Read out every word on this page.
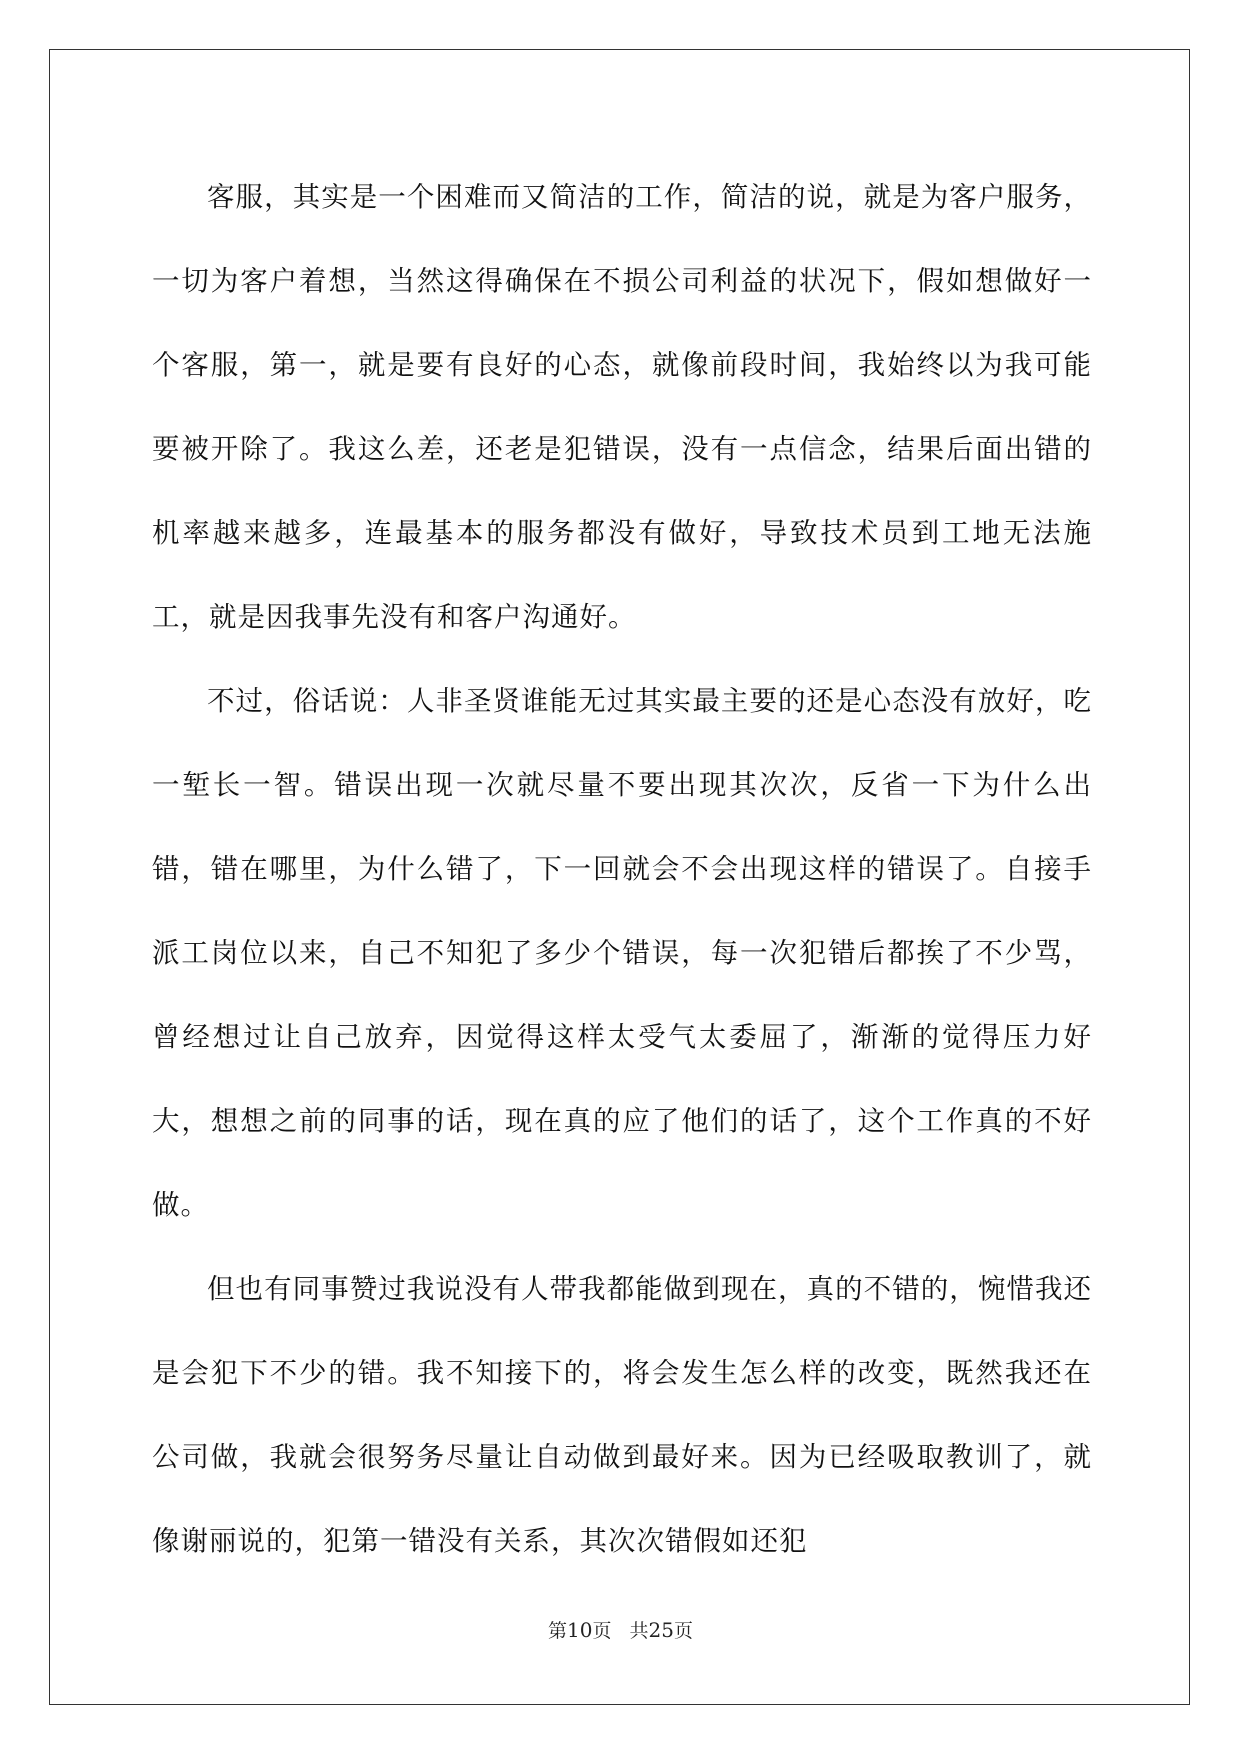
客服，其实是一个困难而又简洁的工作，简洁的说，就是为客户服务，一切为客户着想，当然这得确保在不损公司利益的状况下，假如想做好一个客服，第一，就是要有良好的心态，就像前段时间，我始终以为我可能要被开除了。我这么差，还老是犯错误，没有一点信念，结果后面出错的机率越来越多，连最基本的服务都没有做好，导致技术员到工地无法施工，就是因我事先没有和客户沟通好。

不过，俗话说：人非圣贤谁能无过其实最主要的还是心态没有放好，吃一堑长一智。错误出现一次就尽量不要出现其次次，反省一下为什么出错，错在哪里，为什么错了，下一回就会不会出现这样的错误了。自接手派工岗位以来，自己不知犯了多少个错误，每一次犯错后都挨了不少骂，曾经想过让自己放弃，因觉得这样太受气太委屈了，渐渐的觉得压力好大，想想之前的同事的话，现在真的应了他们的话了，这个工作真的不好做。

但也有同事赞过我说没有人带我都能做到现在，真的不错的，惋惜我还是会犯下不少的错。我不知接下的，将会发生怎么样的改变，既然我还在公司做，我就会很努务尽量让自动做到最好来。因为已经吸取教训了，就像谢丽说的，犯第一错没有关系，其次次错假如还犯

第10页 共25页
